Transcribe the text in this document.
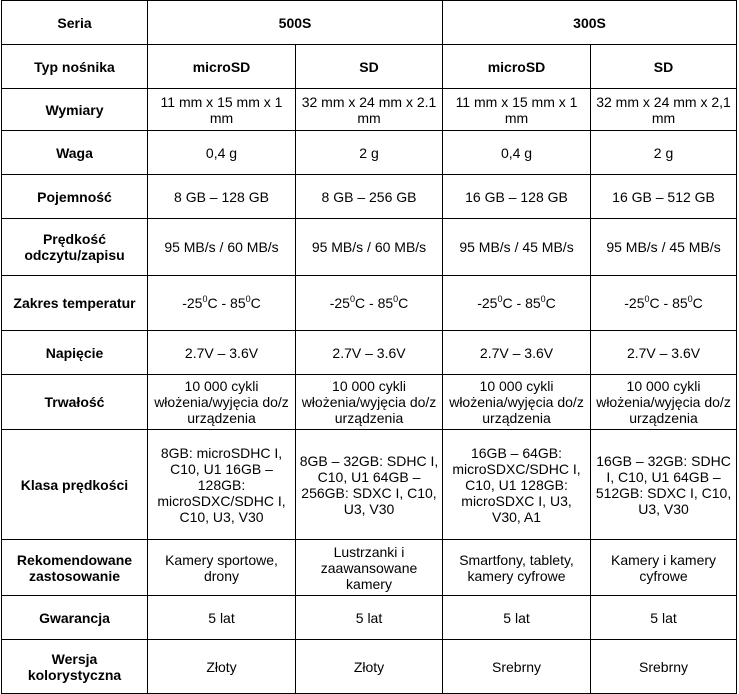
Seria	500S		300S	
Typ nośnika	microSD	SD	microSD	SD
Wymiary	11 mm x 15 mm x 1 mm	32 mm x 24 mm x 2.1 mm	11 mm x 15 mm x 1 mm	32 mm x 24 mm x 2,1 mm
Waga	0,4 g	2 g	0,4 g	2 g
Pojemność	8 GB – 128 GB	8 GB – 256 GB	16 GB – 128 GB	16 GB – 512 GB
Prędkość odczytu/zapisu	95 MB/s / 60 MB/s	95 MB/s / 60 MB/s	95 MB/s / 45 MB/s	95 MB/s / 45 MB/s
Zakres temperatur	$-25^0C - 85^0C$	$-25^0C - 85^0C$	$-25^0C - 85^0C$	$-25^0C - 85^0C$
Napięcie	2.7V – 3.6V	2.7V – 3.6V	2.7V – 3.6V	2.7V – 3.6V
Trwałość	10 000 cykli włożenia/wyjęcia do/z urządzenia	10 000 cykli włożenia/wyjęcia do/z urządzenia	10 000 cykli włożenia/wyjęcia do/z urządzenia	10 000 cykli włożenia/wyjęcia do/z urządzenia
Klasa prędkości	8GB: microSDHC I, C10, U1 16GB – 128GB: microSDXC/SDHC I, C10, U3, V30	8GB – 32GB: SDHC I, C10, U1 64GB – 256GB: SDXC I, C10, U3, V30	16GB – 64GB: microSDXC/SDHC I, C10, U1 128GB: microSDXC I, U3, V30, A1	16GB – 32GB: SDHC I, C10, U1 64GB – 512GB: SDXC I, C10, U3, V30
Rekomendowane zastosowanie	Kamery sportowe, drony	Lustrzanki i zaawansowane kamery	Smartfony, tablety, kamery cyfrowe	Kamery i kamery cyfrowe
Gwarancja	5 lat	5 lat	5 lat	5 lat
Wersja kolorystyczna	Złoty	Złoty	Srebrny	Srebrny
